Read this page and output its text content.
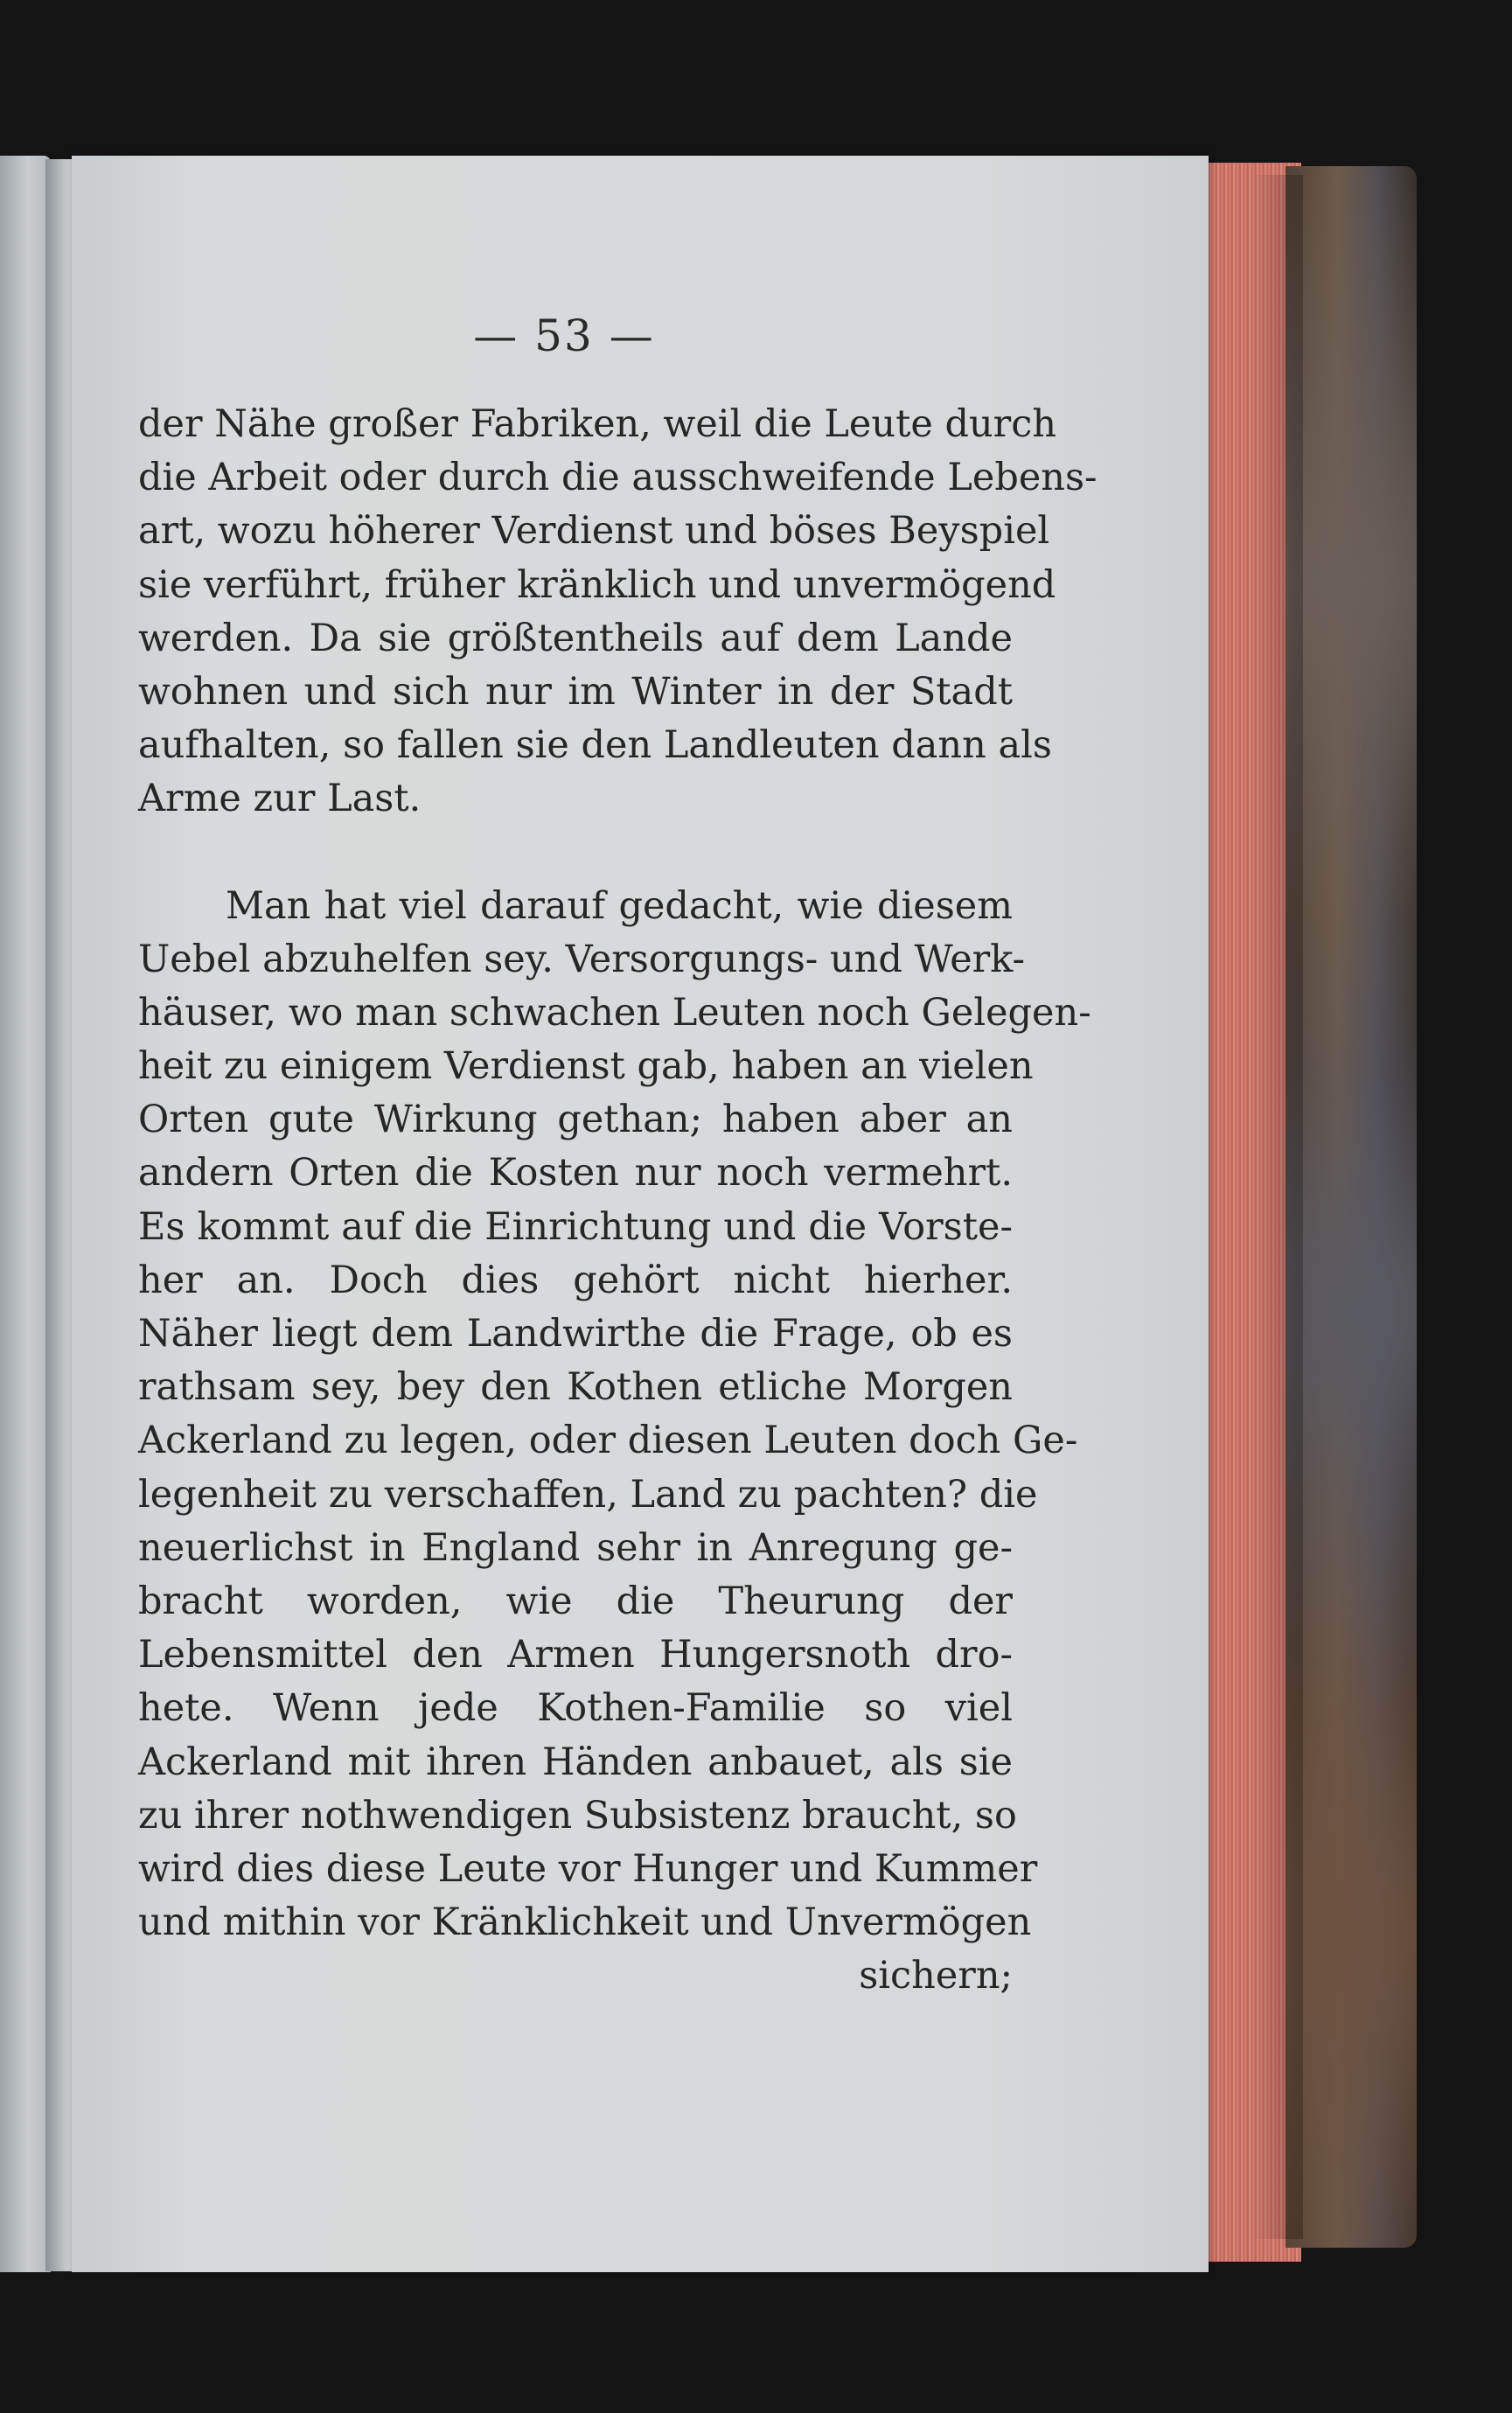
— 53 —
der Nähe großer Fabriken, weil die Leute durch
die Arbeit oder durch die ausschweifende Lebens-
art, wozu höherer Verdienst und böses Beyspiel
sie verführt, früher kränklich und unvermögend
werden. Da sie größtentheils auf dem Lande
wohnen und sich nur im Winter in der Stadt
aufhalten, so fallen sie den Landleuten dann als
Arme zur Last.
Man hat viel darauf gedacht, wie diesem
Uebel abzuhelfen sey. Versorgungs- und Werk-
häuser, wo man schwachen Leuten noch Gelegen-
heit zu einigem Verdienst gab, haben an vielen
Orten gute Wirkung gethan; haben aber an
andern Orten die Kosten nur noch vermehrt.
Es kommt auf die Einrichtung und die Vorste-
her an. Doch dies gehört nicht hierher.
Näher liegt dem Landwirthe die Frage, ob es
rathsam sey, bey den Kothen etliche Morgen
Ackerland zu legen, oder diesen Leuten doch Ge-
legenheit zu verschaffen, Land zu pachten? die
neuerlichst in England sehr in Anregung ge-
bracht worden, wie die Theurung der
Lebensmittel den Armen Hungersnoth dro-
hete. Wenn jede Kothen-Familie so viel
Ackerland mit ihren Händen anbauet, als sie
zu ihrer nothwendigen Subsistenz braucht, so
wird dies diese Leute vor Hunger und Kummer
und mithin vor Kränklichkeit und Unvermögen
sichern;
